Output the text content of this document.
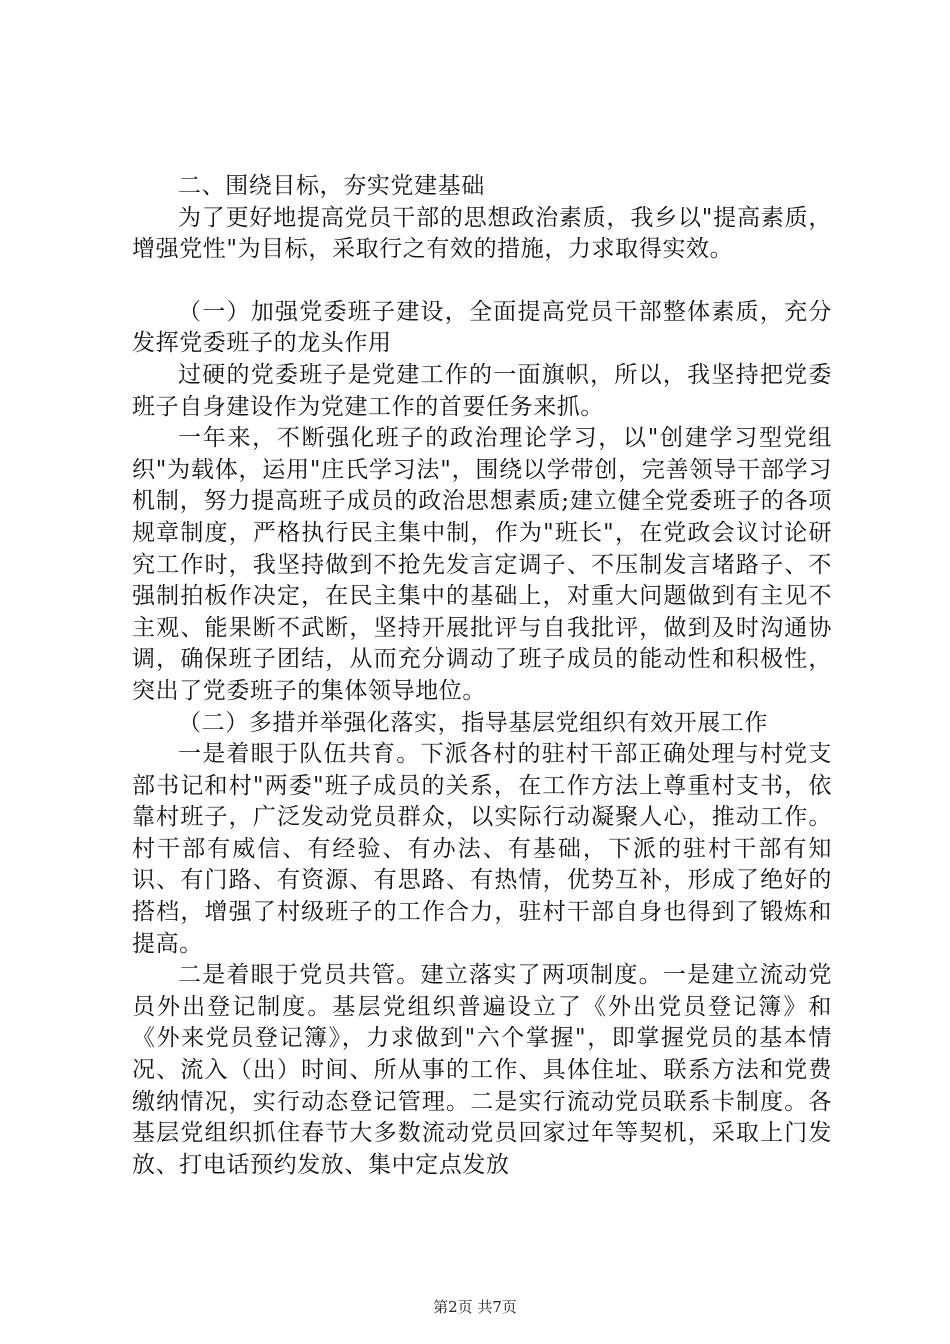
二、围绕目标，夯实党建基础

为了更好地提高党员干部的思想政治素质，我乡以"提高素质，增强党性"为目标，采取行之有效的措施，力求取得实效。

（一）加强党委班子建设，全面提高党员干部整体素质，充分发挥党委班子的龙头作用

过硬的党委班子是党建工作的一面旗帜，所以，我坚持把党委班子自身建设作为党建工作的首要任务来抓。

一年来，不断强化班子的政治理论学习，以"创建学习型党组织"为载体，运用"庄氏学习法"，围绕以学带创，完善领导干部学习机制，努力提高班子成员的政治思想素质;建立健全党委班子的各项规章制度，严格执行民主集中制，作为"班长"，在党政会议讨论研究工作时，我坚持做到不抢先发言定调子、不压制发言堵路子、不强制拍板作决定，在民主集中的基础上，对重大问题做到有主见不主观、能果断不武断，坚持开展批评与自我批评，做到及时沟通协调，确保班子团结，从而充分调动了班子成员的能动性和积极性，突出了党委班子的集体领导地位。

（二）多措并举强化落实，指导基层党组织有效开展工作

一是着眼于队伍共育。下派各村的驻村干部正确处理与村党支部书记和村"两委"班子成员的关系，在工作方法上尊重村支书，依靠村班子，广泛发动党员群众，以实际行动凝聚人心，推动工作。村干部有威信、有经验、有办法、有基础，下派的驻村干部有知识、有门路、有资源、有思路、有热情，优势互补，形成了绝好的搭档，增强了村级班子的工作合力，驻村干部自身也得到了锻炼和提高。

二是着眼于党员共管。建立落实了两项制度。一是建立流动党员外出登记制度。基层党组织普遍设立了《外出党员登记簿》和《外来党员登记簿》，力求做到"六个掌握"，即掌握党员的基本情况、流入（出）时间、所从事的工作、具体住址、联系方法和党费缴纳情况，实行动态登记管理。二是实行流动党员联系卡制度。各基层党组织抓住春节大多数流动党员回家过年等契机，采取上门发放、打电话预约发放、集中定点发放

第2页 共7页
